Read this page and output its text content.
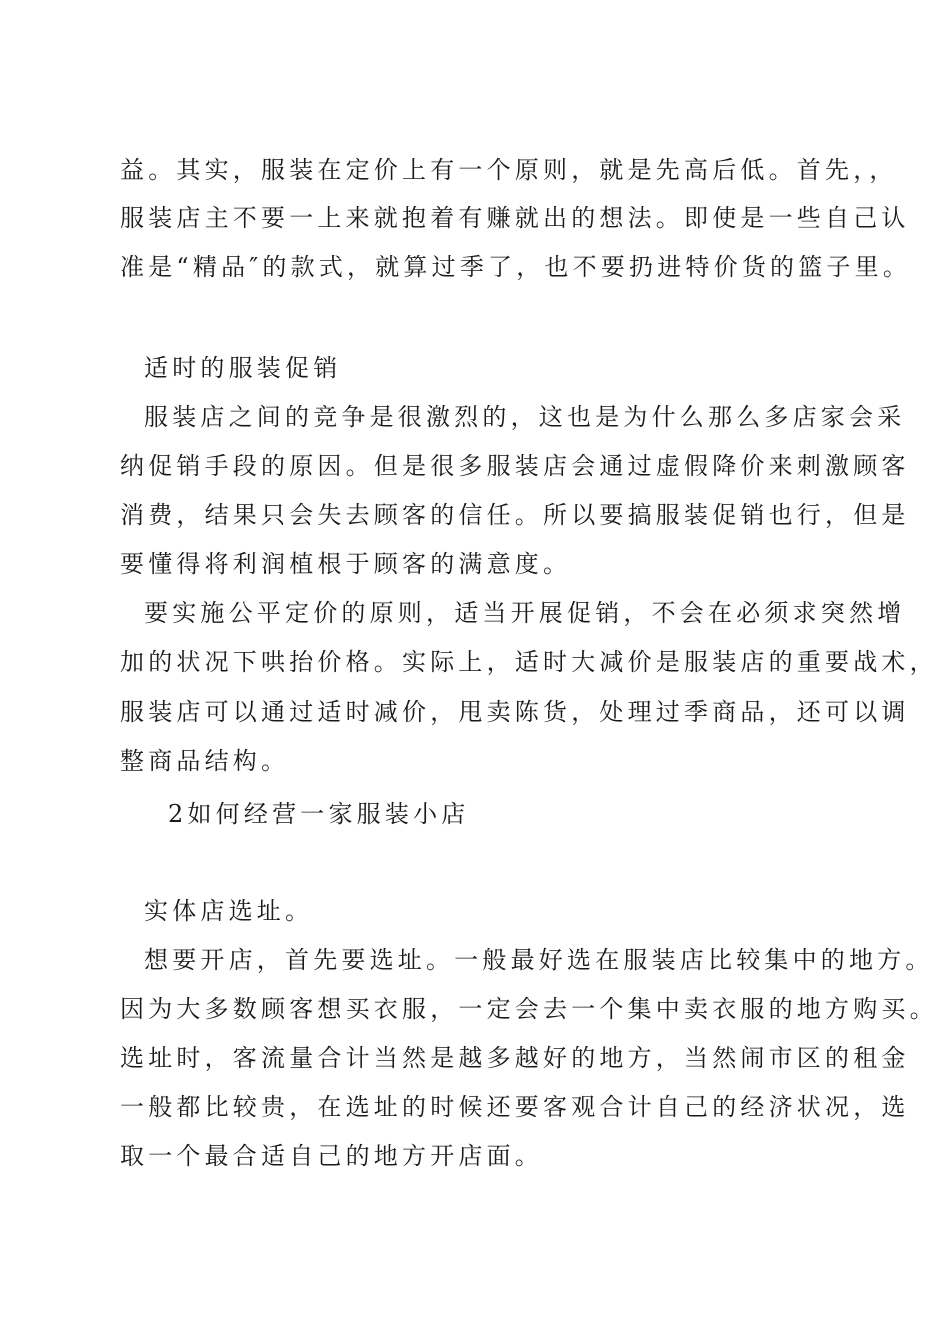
益。其实，服装在定价上有一个原则，就是先高后低。首先，，

服装店主不要一上来就抱着有赚就出的想法。即使是一些自己认

准是“精品″的款式，就算过季了，也不要扔进特价货的篮子里。

适时的服装促销

服装店之间的竞争是很激烈的，这也是为什么那么多店家会采

纳促销手段的原因。但是很多服装店会通过虚假降价来刺激顾客

消费，结果只会失去顾客的信任。所以要搞服装促销也行，但是

要懂得将利润植根于顾客的满意度。

要实施公平定价的原则，适当开展促销，不会在必须求突然增

加的状况下哄抬价格。实际上，适时大减价是服装店的重要战术，

服装店可以通过适时减价，甩卖陈货，处理过季商品，还可以调

整商品结构。

2如何经营一家服装小店

实体店选址。

想要开店，首先要选址。一般最好选在服装店比较集中的地方。

因为大多数顾客想买衣服，一定会去一个集中卖衣服的地方购买。

选址时，客流量合计当然是越多越好的地方，当然闹市区的租金

一般都比较贵，在选址的时候还要客观合计自己的经济状况，选

取一个最合适自己的地方开店面。
